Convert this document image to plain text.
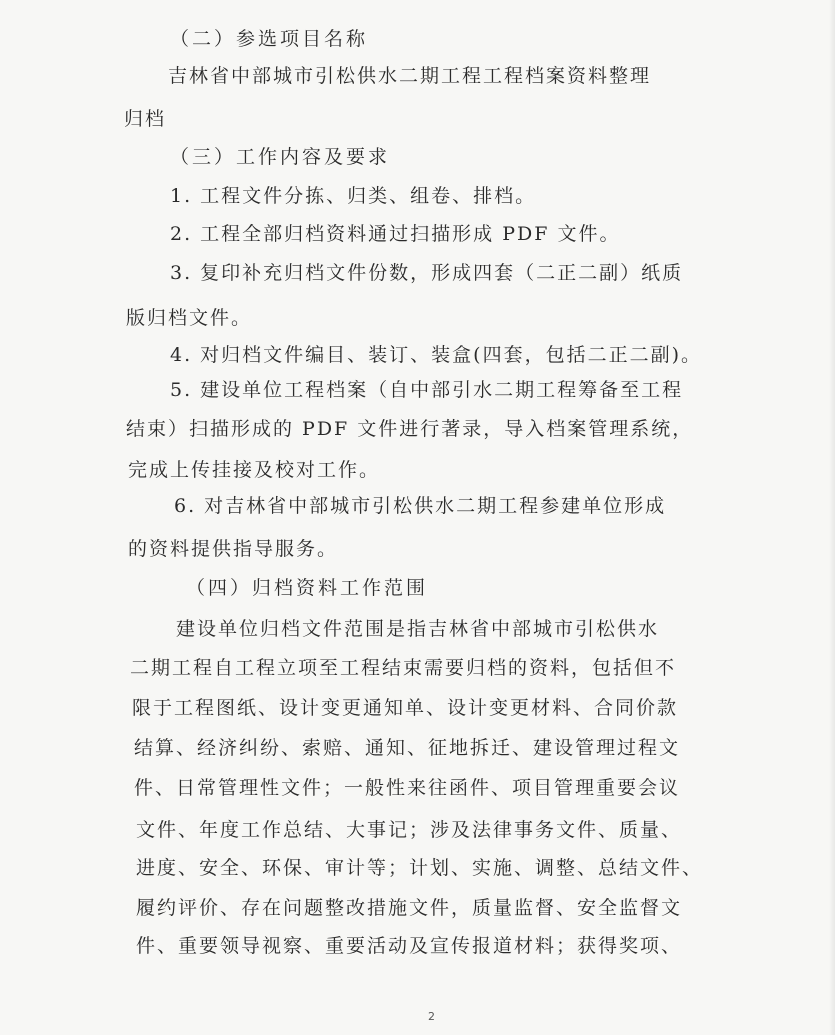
（二）参选项目名称
吉林省中部城市引松供水二期工程工程档案资料整理
归档
（三）工作内容及要求
1. 工程文件分拣、归类、组卷、排档。
2. 工程全部归档资料通过扫描形成 PDF 文件。
3. 复印补充归档文件份数，形成四套（二正二副）纸质
版归档文件。
4. 对归档文件编目、装订、装盒(四套，包括二正二副)。
5. 建设单位工程档案（自中部引水二期工程筹备至工程
结束）扫描形成的 PDF 文件进行著录，导入档案管理系统，
完成上传挂接及校对工作。
6. 对吉林省中部城市引松供水二期工程参建单位形成
的资料提供指导服务。
（四）归档资料工作范围
建设单位归档文件范围是指吉林省中部城市引松供水
二期工程自工程立项至工程结束需要归档的资料，包括但不
限于工程图纸、设计变更通知单、设计变更材料、合同价款
结算、经济纠纷、索赔、通知、征地拆迁、建设管理过程文
件、日常管理性文件；一般性来往函件、项目管理重要会议
文件、年度工作总结、大事记；涉及法律事务文件、质量、
进度、安全、环保、审计等；计划、实施、调整、总结文件、
履约评价、存在问题整改措施文件，质量监督、安全监督文
件、重要领导视察、重要活动及宣传报道材料；获得奖项、
2
